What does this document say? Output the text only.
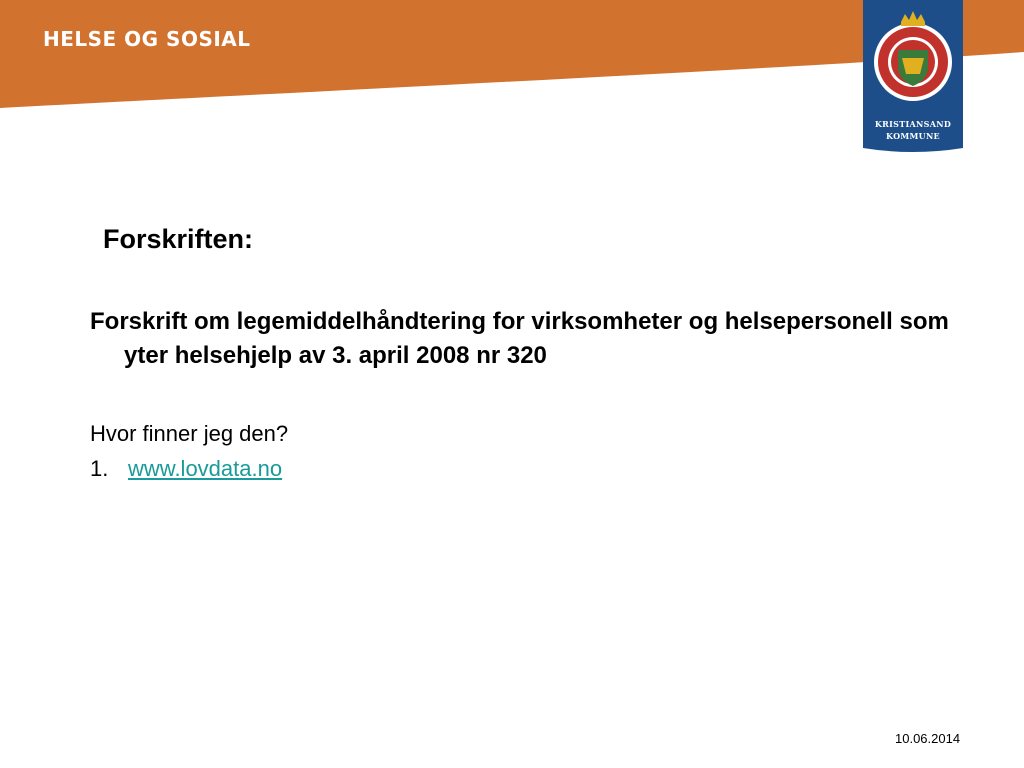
HELSE OG SOSIAL
KRISTIANSAND
KOMMUNE
Forskriften:
Forskrift om legemiddelhåndtering for virksomheter og helsepersonell som yter helsehjelp av 3. april 2008 nr 320
Hvor finner jeg den?
1. www.lovdata.no
10.06.2014
